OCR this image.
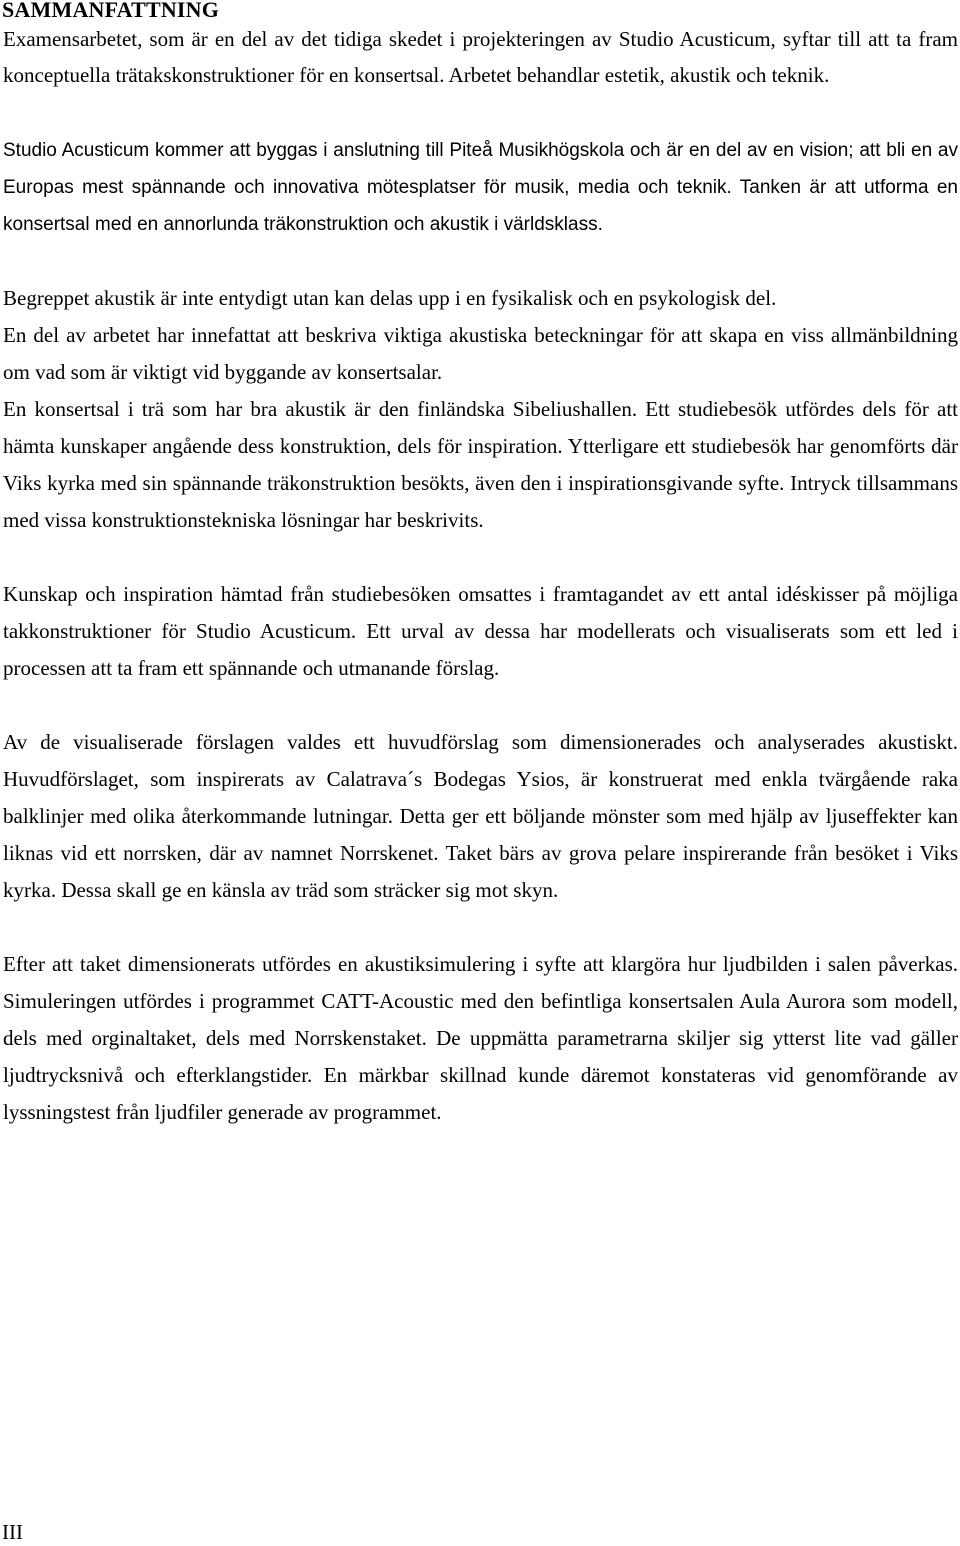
SAMMANFATTNING

Examensarbetet, som är en del av det tidiga skedet i projekteringen av Studio Acusticum, syftar till att ta fram konceptuella trätakskonstruktioner för en konsertsal. Arbetet behandlar estetik, akustik och teknik.

Studio Acusticum kommer att byggas i anslutning till Piteå Musikhögskola och är en del av en vision; att bli en av Europas mest spännande och innovativa mötesplatser för musik, media och teknik. Tanken är att utforma en konsertsal med en annorlunda träkonstruktion och akustik i världsklass.

Begreppet akustik är inte entydigt utan kan delas upp i en fysikalisk och en psykologisk del.

En del av arbetet har innefattat att beskriva viktiga akustiska beteckningar för att skapa en viss allmänbildning om vad som är viktigt vid byggande av konsertsalar.

En konsertsal i trä som har bra akustik är den finländska Sibeliushallen. Ett studiebesök utfördes dels för att hämta kunskaper angående dess konstruktion, dels för inspiration. Ytterligare ett studiebesök har genomförts där Viks kyrka med sin spännande träkonstruktion besökts, även den i inspirationsgivande syfte. Intryck tillsammans med vissa konstruktionstekniska lösningar har beskrivits.

Kunskap och inspiration hämtad från studiebesöken omsattes i framtagandet av ett antal idéskisser på möjliga takkonstruktioner för Studio Acusticum. Ett urval av dessa har modellerats och visualiserats som ett led i processen att ta fram ett spännande och utmanande förslag.

Av de visualiserade förslagen valdes ett huvudförslag som dimensionerades och analyserades akustiskt. Huvudförslaget, som inspirerats av Calatrava´s Bodegas Ysios, är konstruerat med enkla tvärgående raka balklinjer med olika återkommande lutningar. Detta ger ett böljande mönster som med hjälp av ljuseffekter kan liknas vid ett norrsken, där av namnet Norrskenet. Taket bärs av grova pelare inspirerande från besöket i Viks kyrka. Dessa skall ge en känsla av träd som sträcker sig mot skyn.

Efter att taket dimensionerats utfördes en akustiksimulering i syfte att klargöra hur ljudbilden i salen påverkas. Simuleringen utfördes i programmet CATT-Acoustic med den befintliga konsertsalen Aula Aurora som modell, dels med orginaltaket, dels med Norrskenstaket. De uppmätta parametrarna skiljer sig ytterst lite vad gäller ljudtrycksnivå och efterklangstider. En märkbar skillnad kunde däremot konstateras vid genomförande av lyssningstest från ljudfiler generade av programmet.

III
